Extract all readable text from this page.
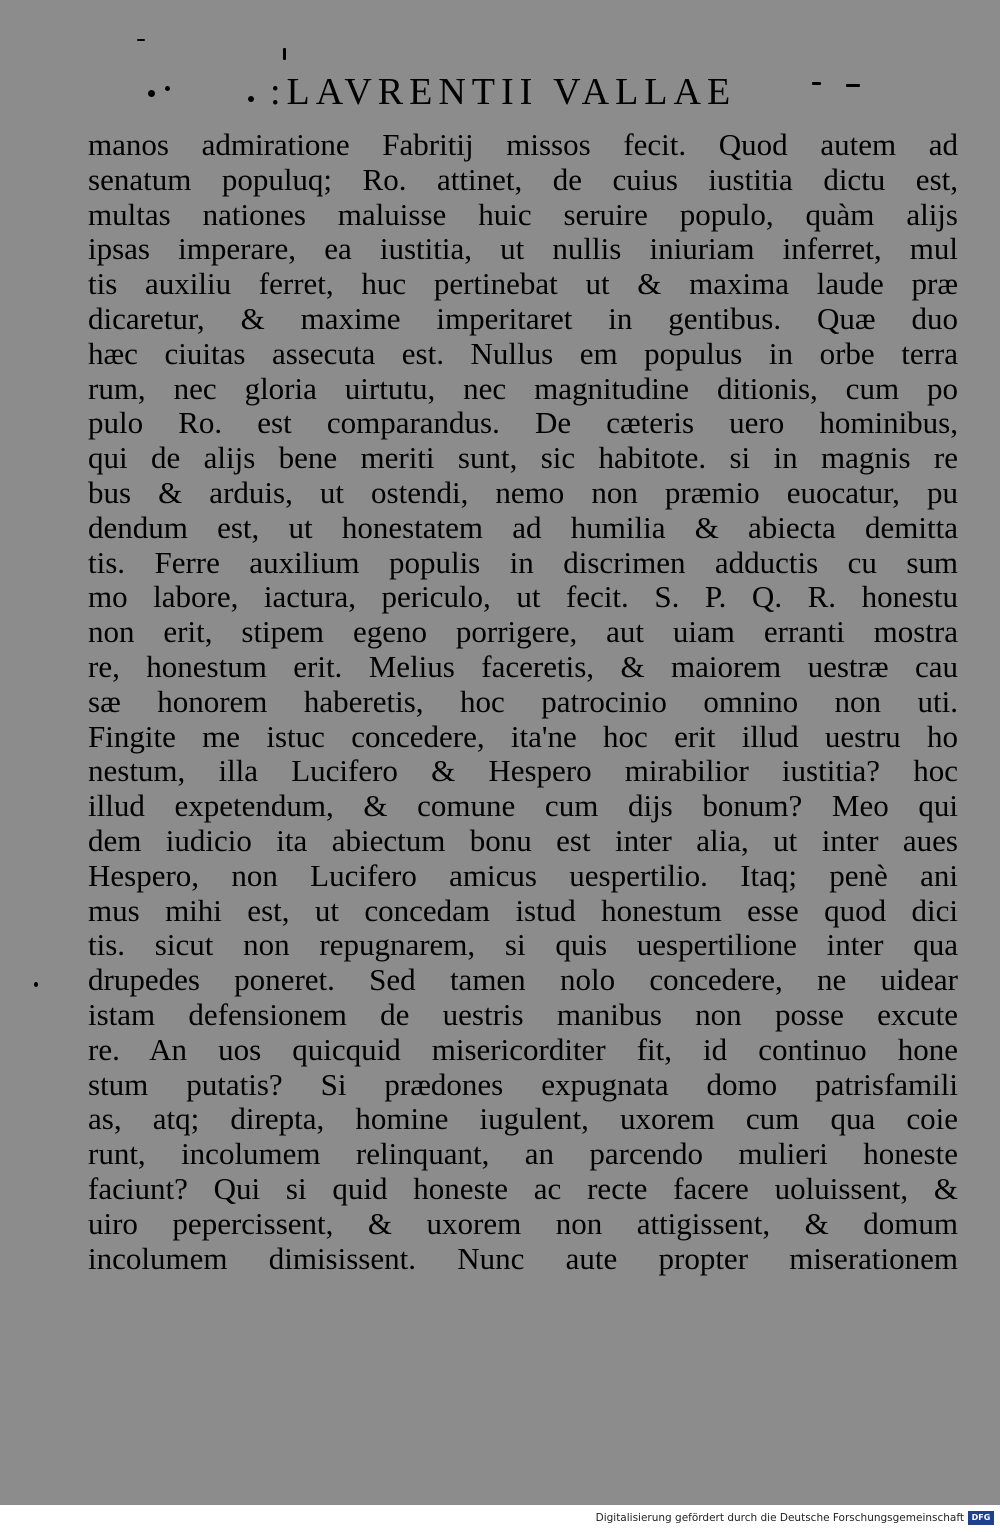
:LAVRENTII VALLAE
manos admiratione Fabritij missos fecit. Quod autem ad
senatum populuq; Ro. attinet, de cuius iustitia dictu est,
multas nationes maluisse huic seruire populo, quàm alijs
ipsas imperare, ea iustitia, ut nullis iniuriam inferret, mul
tis auxiliu ferret, huc pertinebat ut & maxima laude præ
dicaretur, & maxime imperitaret in gentibus. Quæ duo
hæc ciuitas assecuta est. Nullus em populus in orbe terra
rum, nec gloria uirtutu, nec magnitudine ditionis, cum po
pulo Ro. est comparandus. De cæteris uero hominibus,
qui de alijs bene meriti sunt, sic habitote. si in magnis re
bus & arduis, ut ostendi, nemo non præmio euocatur, pu
dendum est, ut honestatem ad humilia & abiecta demitta
tis. Ferre auxilium populis in discrimen adductis cu sum
mo labore, iactura, periculo, ut fecit. S. P. Q. R. honestu
non erit, stipem egeno porrigere, aut uiam erranti mostra
re, honestum erit. Melius faceretis, & maiorem uestræ cau
sæ honorem haberetis, hoc patrocinio omnino non uti.
Fingite me istuc concedere, ita'ne hoc erit illud uestru ho
nestum, illa Lucifero & Hespero mirabilior iustitia? hoc
illud expetendum, & comune cum dijs bonum? Meo qui
dem iudicio ita abiectum bonu est inter alia, ut inter aues
Hespero, non Lucifero amicus uespertilio. Itaq; penè ani
mus mihi est, ut concedam istud honestum esse quod dici
tis. sicut non repugnarem, si quis uespertilione inter qua
drupedes poneret. Sed tamen nolo concedere, ne uidear
istam defensionem de uestris manibus non posse excute
re. An uos quicquid misericorditer fit, id continuo hone
stum putatis? Si prædones expugnata domo patrisfamili
as, atq; direpta, homine iugulent, uxorem cum qua coie
runt, incolumem relinquant, an parcendo mulieri honeste
faciunt? Qui si quid honeste ac recte facere uoluissent, &
uiro pepercissent, & uxorem non attigissent, & domum
incolumem dimisissent. Nunc aute propter miserationem
Digitalisierung gefördert durch die Deutsche Forschungsgemeinschaft DFG
